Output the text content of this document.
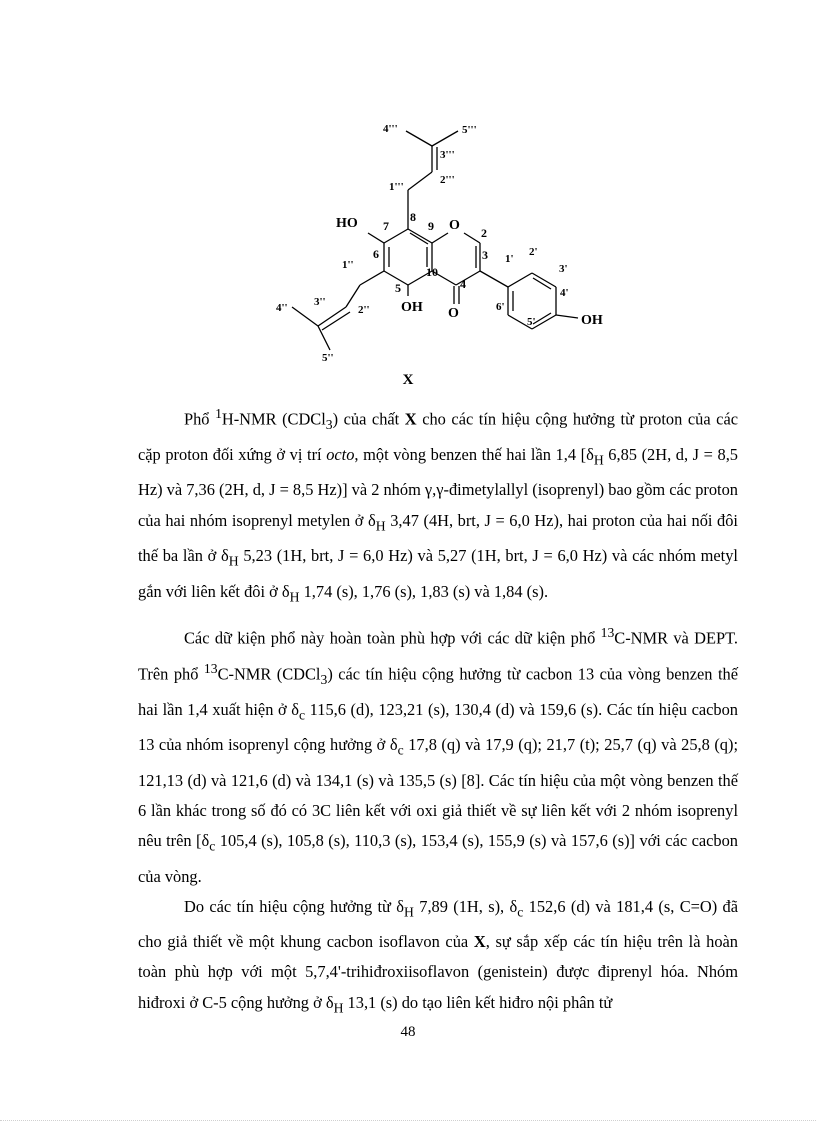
4'''	5'''
3'''
1'''
2'''
HO 7
8
9 O 2
1''
6
10
3 1'
2'
3'
4'' 3''
2''
5	4
OH O	6'
4'
5'	OH
5''
X

Phổ $^1$H-NMR (CDCl$_3$) của chất X cho các tín hiệu cộng hưởng từ proton của các cặp proton đối xứng ở vị trí octo, một vòng benzen thế hai lần 1,4 [$\delta_H$ 6,85 (2H, d, J = 8,5 Hz) và 7,36 (2H, d, J = 8,5 Hz)] và 2 nhóm γ,γ-đimetylallyl (isoprenyl) bao gồm các proton của hai nhóm isoprenyl metylen ở $\delta_H$ 3,47 (4H, brt, J = 6,0 Hz), hai proton của hai nối đôi thế ba lần ở $\delta_H$ 5,23 (1H, brt, J = 6,0 Hz) và 5,27 (1H, brt, J = 6,0 Hz) và các nhóm metyl gắn với liên kết đôi ở $\delta_H$ 1,74 (s), 1,76 (s), 1,83 (s) và 1,84 (s).

Các dữ kiện phổ này hoàn toàn phù hợp với các dữ kiện phổ $^{13}$C-NMR và DEPT. Trên phổ $^{13}$C-NMR (CDCl$_3$) các tín hiệu cộng hưởng từ cacbon 13 của vòng benzen thế hai lần 1,4 xuất hiện ở $\delta_c$ 115,6 (d), 123,21 (s), 130,4 (d) và 159,6 (s). Các tín hiệu cacbon 13 của nhóm isoprenyl cộng hưởng ở $\delta_c$ 17,8 (q) và 17,9 (q); 21,7 (t); 25,7 (q) và 25,8 (q); 121,13 (d) và 121,6 (d) và 134,1 (s) và 135,5 (s) [8]. Các tín hiệu của một vòng benzen thế 6 lần khác trong số đó có 3C liên kết với oxi giả thiết về sự liên kết với 2 nhóm isoprenyl nêu trên [$\delta_c$ 105,4 (s), 105,8 (s), 110,3 (s), 153,4 (s), 155,9 (s) và 157,6 (s)] với các cacbon của vòng.

Do các tín hiệu cộng hưởng từ $\delta_H$ 7,89 (1H, s), $\delta_c$ 152,6 (d) và 181,4 (s, C=O) đã cho giả thiết về một khung cacbon isoflavon của X, sự sắp xếp các tín hiệu trên là hoàn toàn phù hợp với một 5,7,4'-trihiđroxiisoflavon (genistein) được điprenyl hóa. Nhóm hiđroxi ở C-5 cộng hưởng ở $\delta_H$ 13,1 (s) do tạo liên kết hiđro nội phân tử

48
